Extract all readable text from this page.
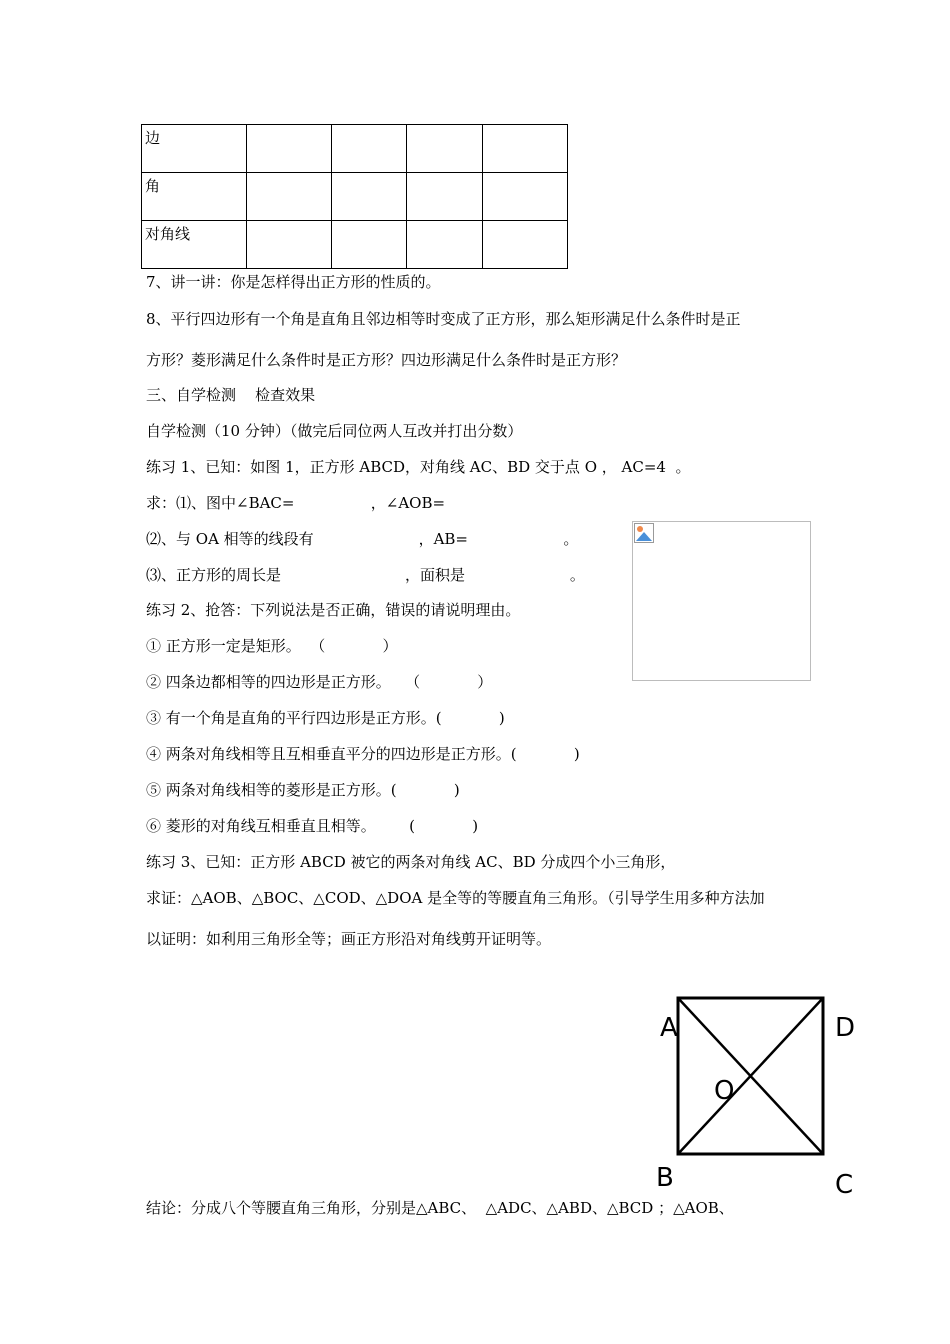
边				
角				
对角线				
7、讲一讲：你是怎样得出正方形的性质的。
8、平行四边形有一个角是直角且邻边相等时变成了正方形，那么矩形满足什么条件时是正
方形？菱形满足什么条件时是正方形？四边形满足什么条件时是正方形？
三、自学检测    检查效果
自学检测（10 分钟）（做完后同位两人互改并打出分数）
练习 1、已知：如图 1，正方形 ABCD，对角线 AC、BD 交于点 O ， AC=4  。
求：⑴、图中∠BAC=                ，∠AOB=
⑵、与 OA 相等的线段有                      ，AB=                    。
⑶、正方形的周长是                          ，面积是                      。
练习 2、抢答：下列说法是否正确，错误的请说明理由。
① 正方形一定是矩形。  （            ）
② 四条边都相等的四边形是正方形。   （            ）
③ 有一个角是直角的平行四边形是正方形。(            )
④ 两条对角线相等且互相垂直平分的四边形是正方形。(            )
⑤ 两条对角线相等的菱形是正方形。(            )
⑥ 菱形的对角线互相垂直且相等。       (            )
练习 3、已知：正方形 ABCD 被它的两条对角线 AC、BD 分成四个小三角形，
求证：△AOB、△BOC、△COD、△DOA 是全等的等腰直角三角形。（引导学生用多种方法加
以证明：如利用三角形全等；画正方形沿对角线剪开证明等。
结论：分成八个等腰直角三角形，分别是△ABC、  △ADC、△ABD、△BCD ；△AOB、
A	D
O
B	C
